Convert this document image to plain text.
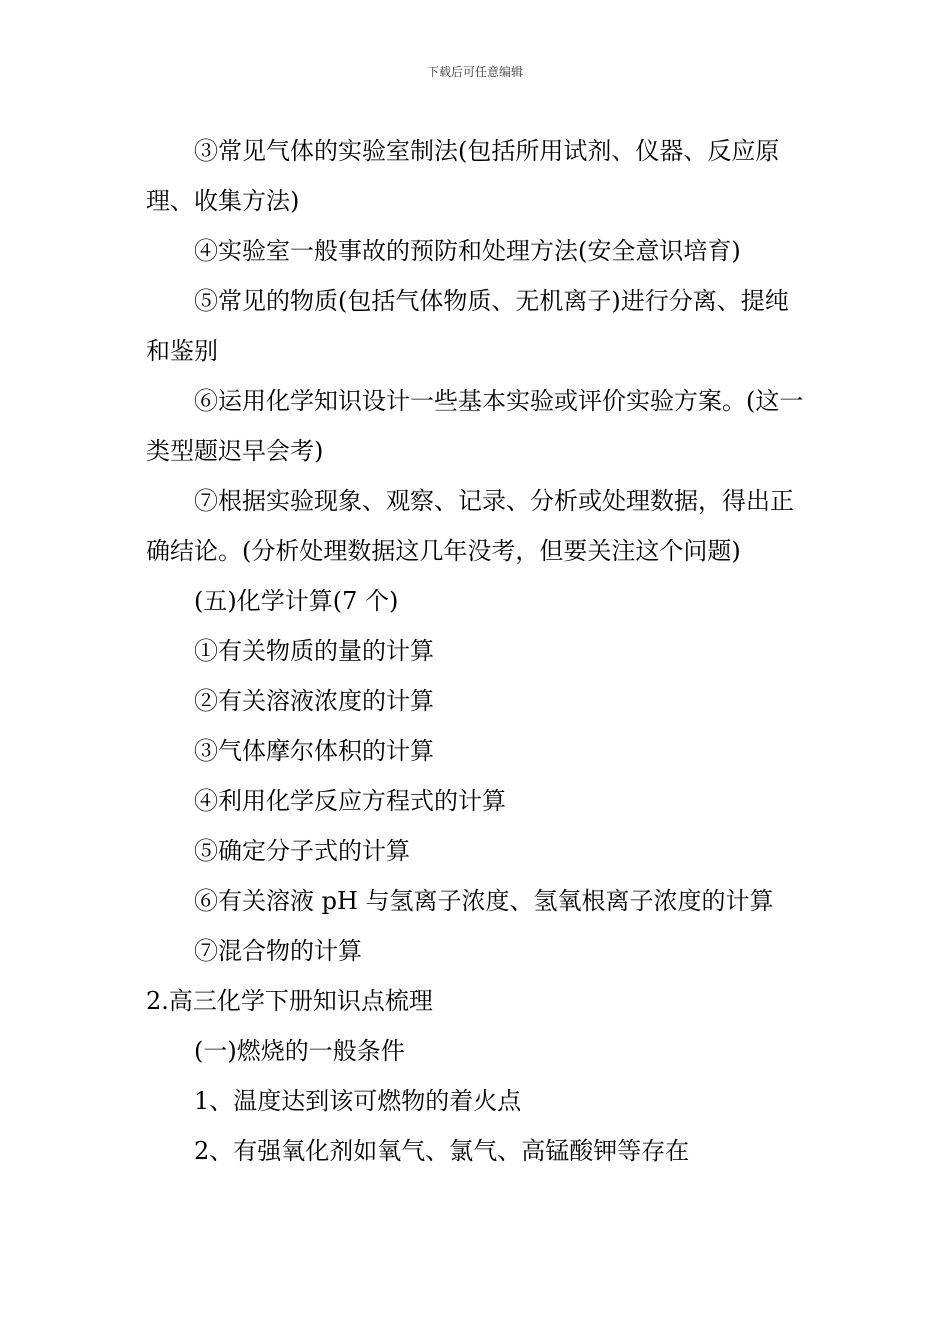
下载后可任意编辑

③常见气体的实验室制法(包括所用试剂、仪器、反应原理、收集方法)

④实验室一般事故的预防和处理方法(安全意识培育)

⑤常见的物质(包括气体物质、无机离子)进行分离、提纯和鉴别

⑥运用化学知识设计一些基本实验或评价实验方案。(这一类型题迟早会考)

⑦根据实验现象、观察、记录、分析或处理数据，得出正确结论。(分析处理数据这几年没考，但要关注这个问题)

(五)化学计算(7 个)

①有关物质的量的计算

②有关溶液浓度的计算

③气体摩尔体积的计算

④利用化学反应方程式的计算

⑤确定分子式的计算

⑥有关溶液 pH 与氢离子浓度、氢氧根离子浓度的计算

⑦混合物的计算

2.高三化学下册知识点梳理

(一)燃烧的一般条件

1、温度达到该可燃物的着火点

2、有强氧化剂如氧气、氯气、高锰酸钾等存在
